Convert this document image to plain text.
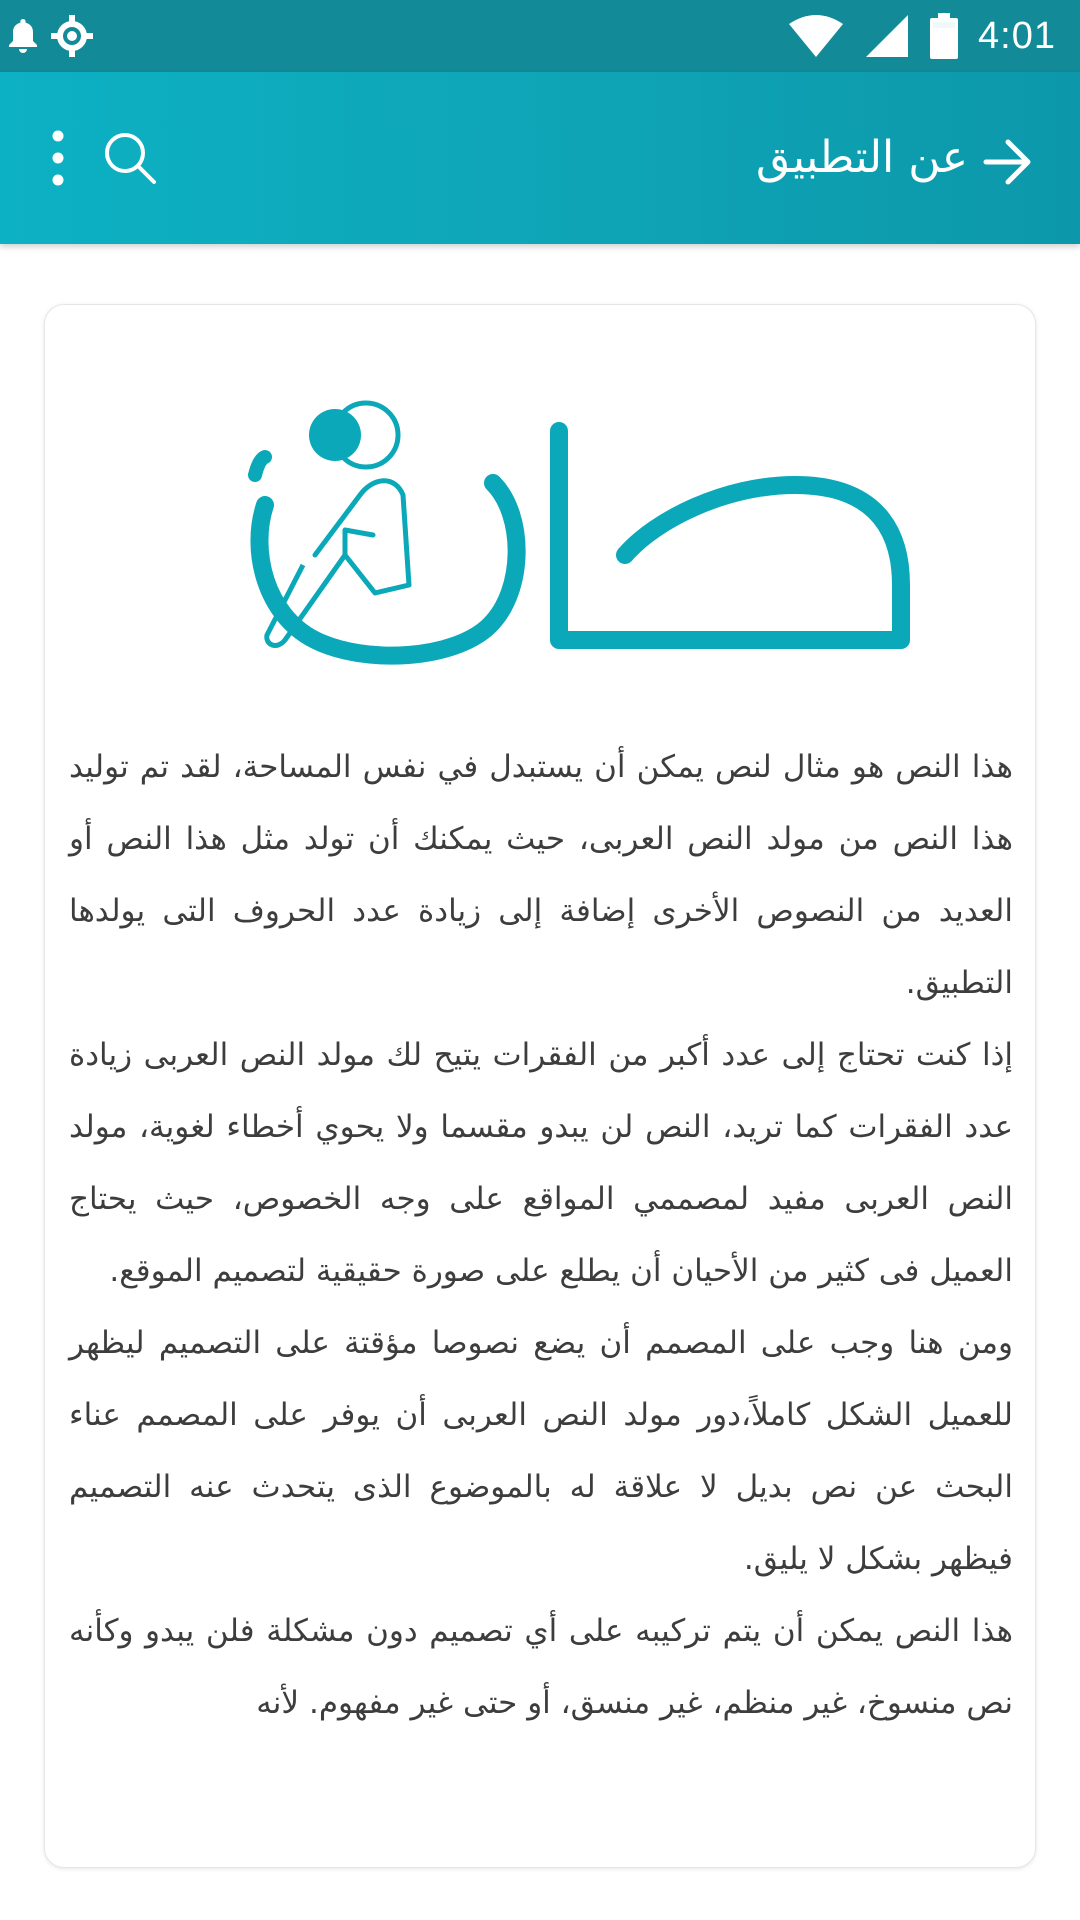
4:01
عن التطبيق

هذا النص هو مثال لنص يمكن أن يستبدل في نفس المساحة، لقد تم توليد هذا النص من مولد النص العربى، حيث يمكنك أن تولد مثل هذا النص أو العديد من النصوص الأخرى إضافة إلى زيادة عدد الحروف التى يولدها التطبيق.

إذا كنت تحتاج إلى عدد أكبر من الفقرات يتيح لك مولد النص العربى زيادة عدد الفقرات كما تريد، النص لن يبدو مقسما ولا يحوي أخطاء لغوية، مولد النص العربى مفيد لمصممي المواقع على وجه الخصوص، حيث يحتاج العميل فى كثير من الأحيان أن يطلع على صورة حقيقية لتصميم الموقع.

ومن هنا وجب على المصمم أن يضع نصوصا مؤقتة على التصميم ليظهر للعميل الشكل كاملاً،دور مولد النص العربى أن يوفر على المصمم عناء البحث عن نص بديل لا علاقة له بالموضوع الذى يتحدث عنه التصميم فيظهر بشكل لا يليق.

هذا النص يمكن أن يتم تركيبه على أي تصميم دون مشكلة فلن يبدو وكأنه نص منسوخ، غير منظم، غير منسق، أو حتى غير مفهوم. لأنه
